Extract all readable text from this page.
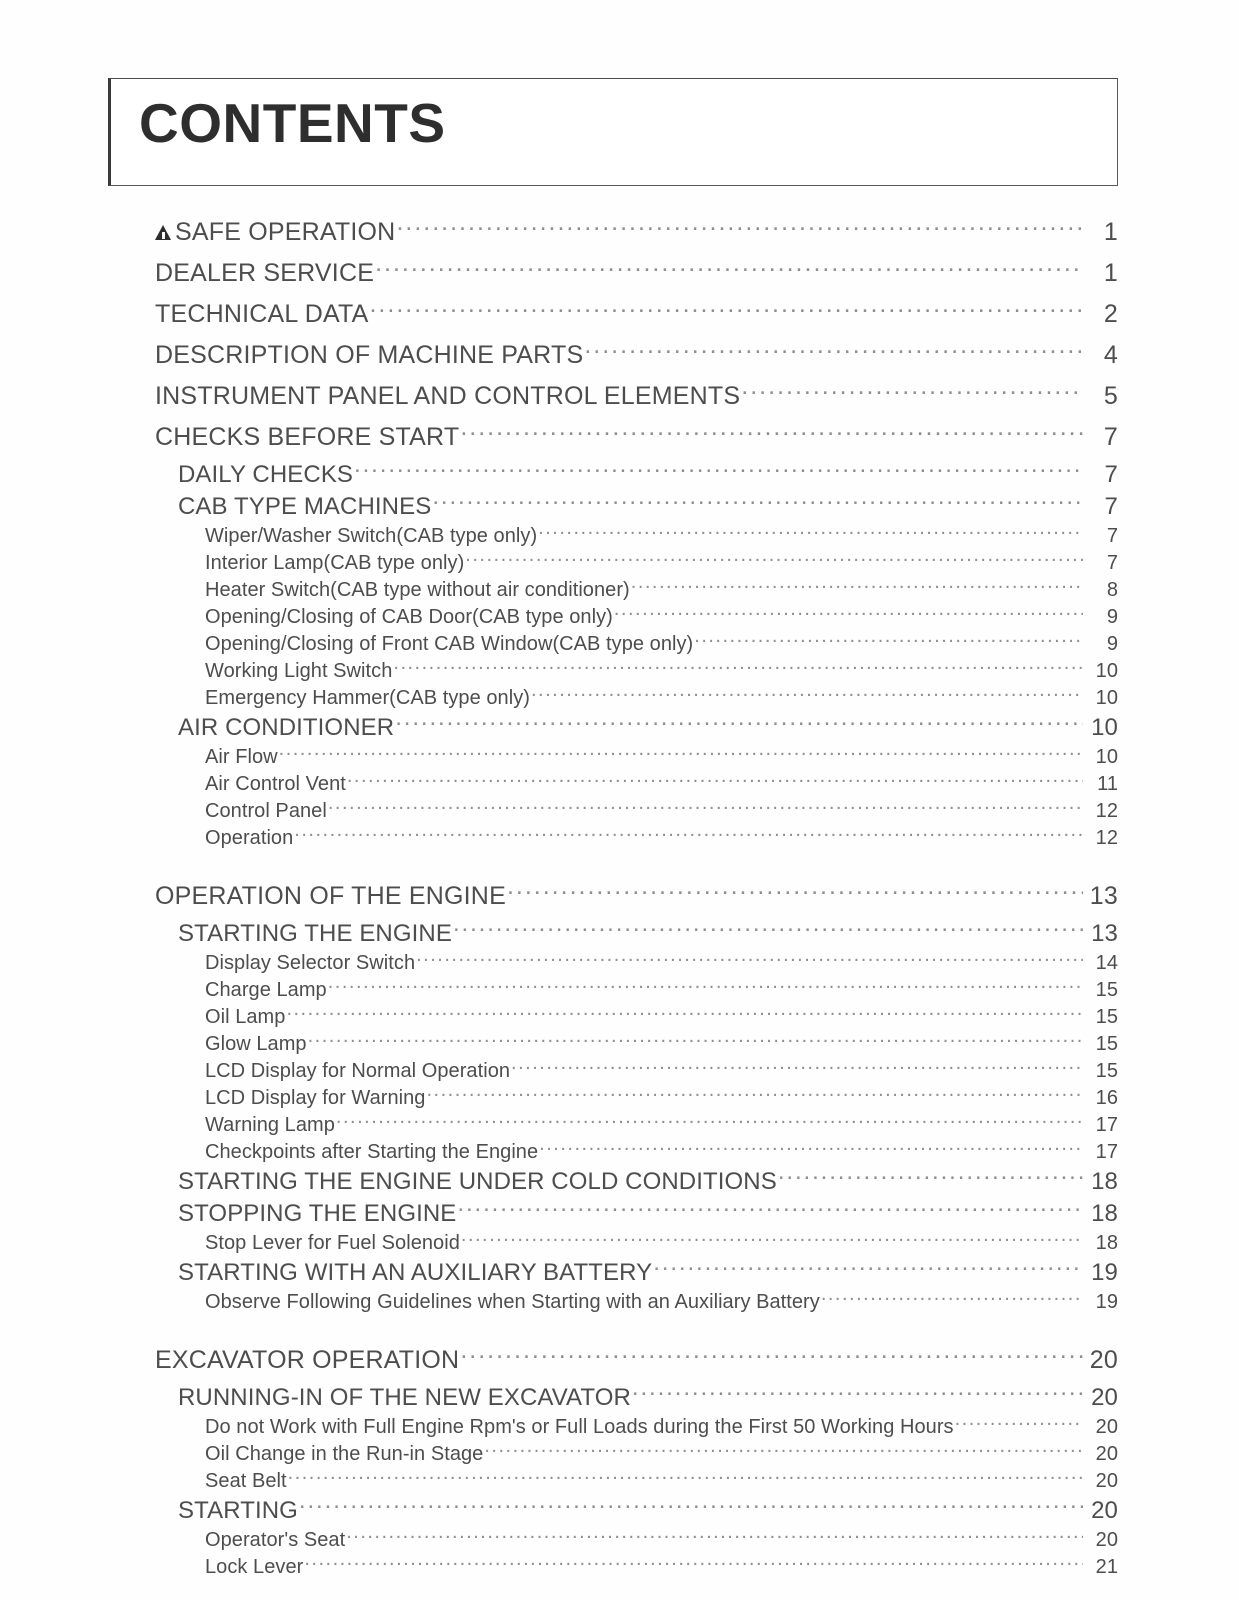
CONTENTS
SAFE OPERATION .....	1
DEALER SERVICE .....	1
TECHNICAL DATA .....	2
DESCRIPTION OF MACHINE PARTS .....	4
INSTRUMENT PANEL AND CONTROL ELEMENTS .....	5
CHECKS BEFORE START .....	7
DAILY CHECKS .....	7
CAB TYPE MACHINES .....	7
Wiper/Washer Switch(CAB type only) .....	7
Interior Lamp(CAB type only) .....	7
Heater Switch(CAB type without air conditioner) .....	8
Opening/Closing of CAB Door(CAB type only) .....	9
Opening/Closing of Front CAB Window(CAB type only) .....	9
Working Light Switch .....	10
Emergency Hammer(CAB type only) .....	10
AIR CONDITIONER .....	10
Air Flow .....	10
Air Control Vent .....	11
Control Panel .....	12
Operation .....	12
OPERATION OF THE ENGINE .....	13
STARTING THE ENGINE .....	13
Display Selector Switch .....	14
Charge Lamp .....	15
Oil Lamp .....	15
Glow Lamp .....	15
LCD Display for Normal Operation .....	15
LCD Display for Warning .....	16
Warning Lamp .....	17
Checkpoints after Starting the Engine .....	17
STARTING THE ENGINE UNDER COLD CONDITIONS .....	18
STOPPING THE ENGINE .....	18
Stop Lever for Fuel Solenoid .....	18
STARTING WITH AN AUXILIARY BATTERY .....	19
Observe Following Guidelines when Starting with an Auxiliary Battery .....	19
EXCAVATOR OPERATION .....	20
RUNNING-IN OF THE NEW EXCAVATOR .....	20
Do not Work with Full Engine Rpm's or Full Loads during the First 50 Working Hours .....	20
Oil Change in the Run-in Stage .....	20
Seat Belt .....	20
STARTING .....	20
Operator's Seat .....	20
Lock Lever .....	21
